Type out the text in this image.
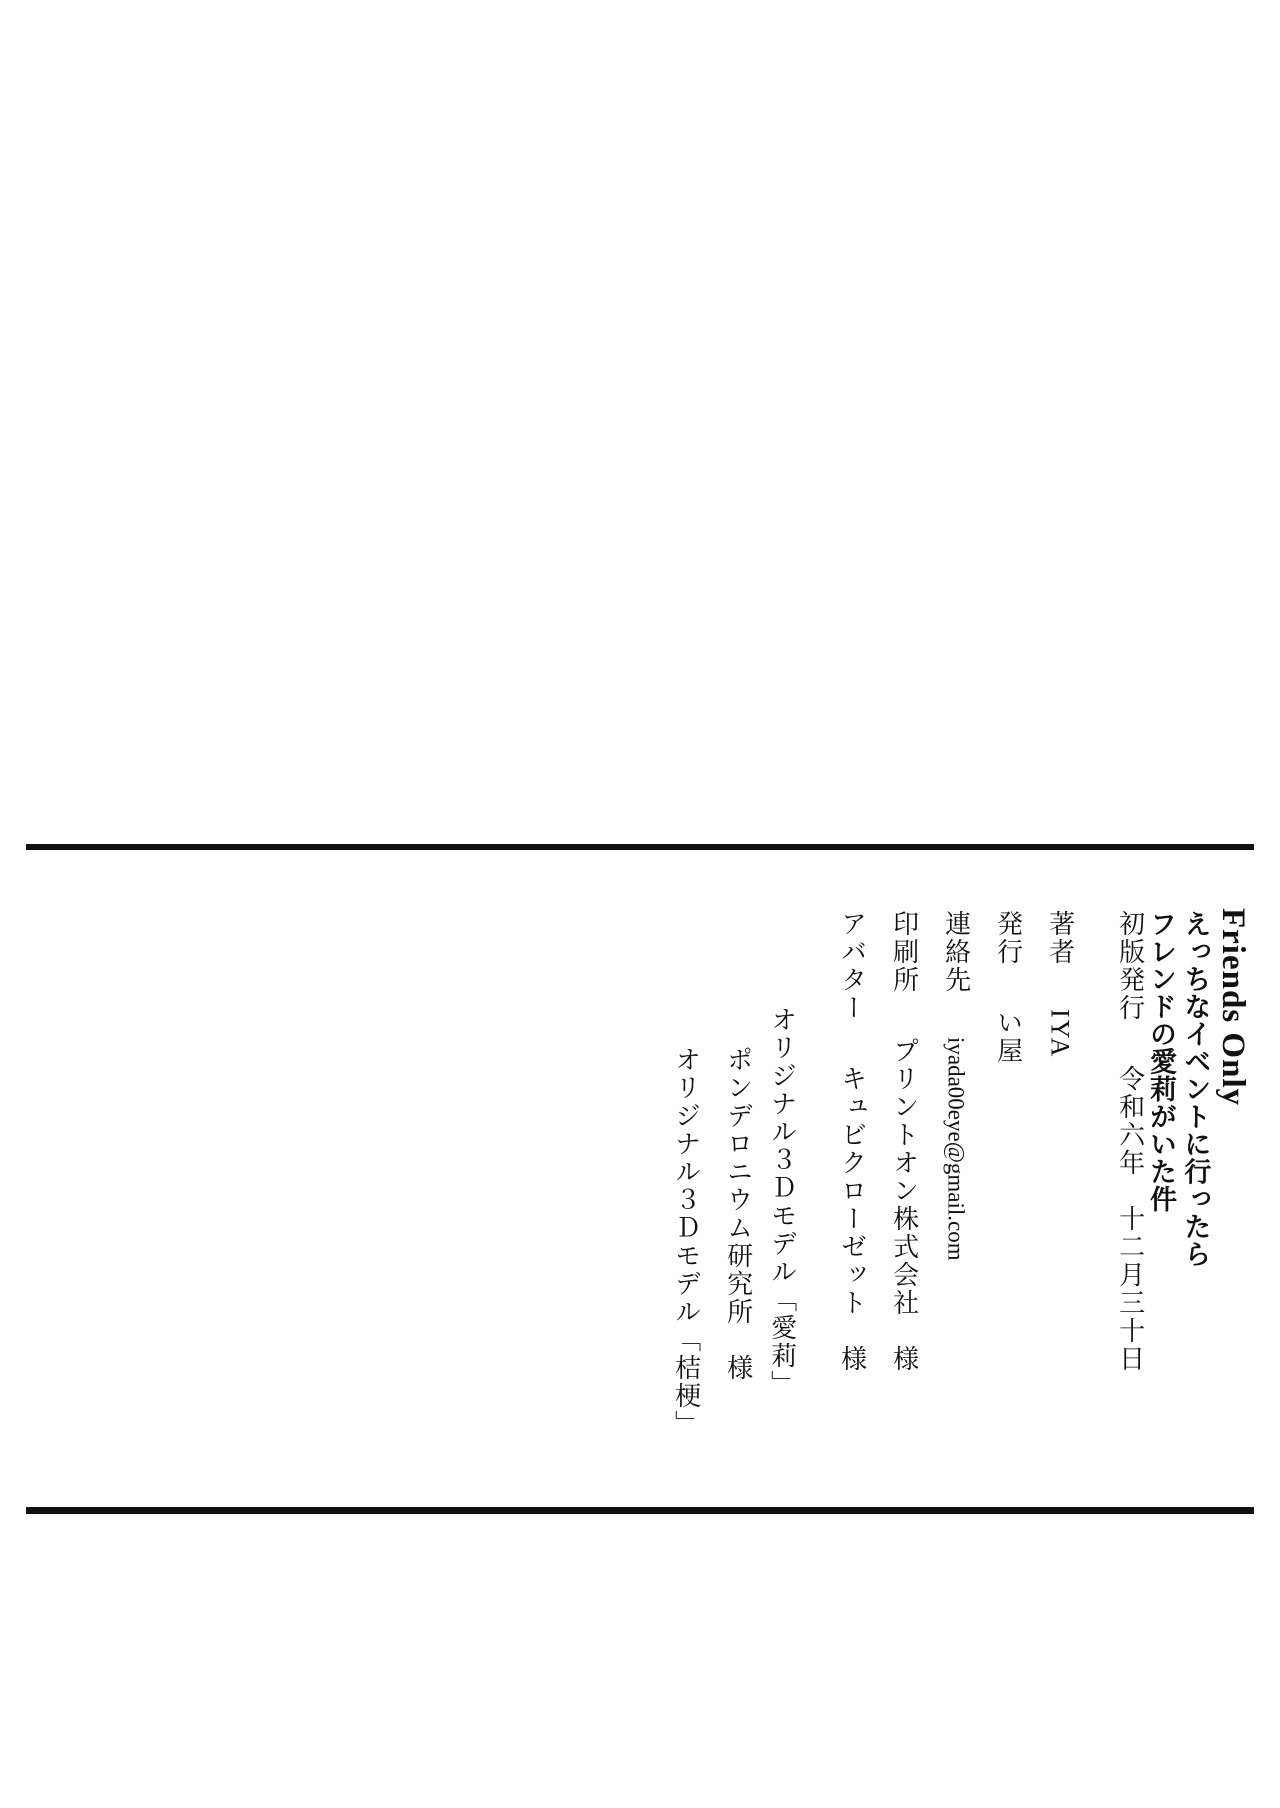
Friends Only
えっちなイベントに行ったら
フレンドの愛莉がいた件
初版発行  令和六年　十二月三十日
著者  IYA
発行  い屋
連絡先  iyada00eye@gmail.com
印刷所  プリントオン株式会社　様
アバター  キュビクローゼット　様
オリジナル３Ｄモデル「愛莉」
ポンデロニウム研究所　様
オリジナル３Ｄモデル「桔梗」
